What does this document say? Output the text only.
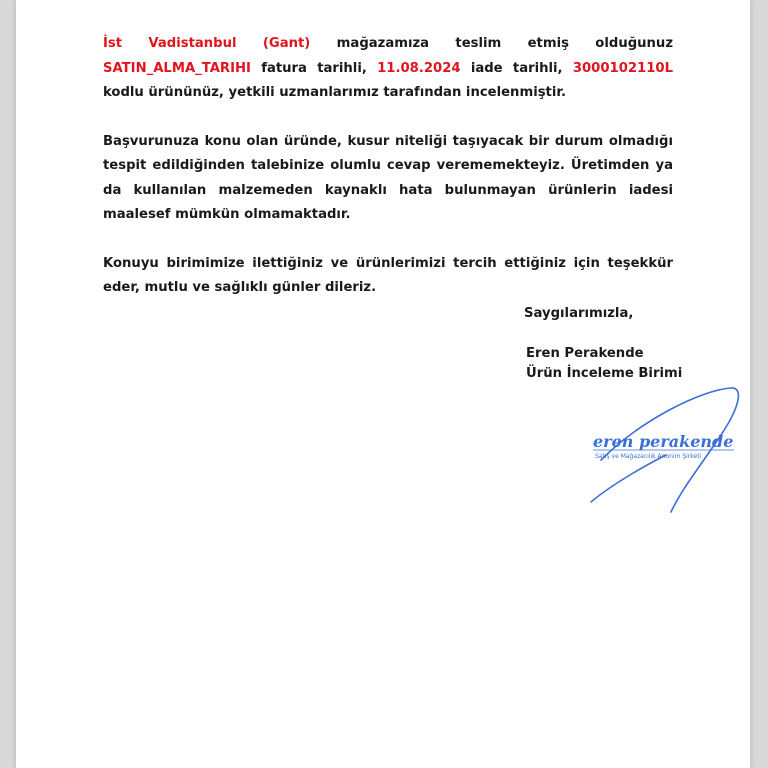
İst Vadistanbul (Gant) mağazamıza teslim etmiş olduğunuz SATIN_ALMA_TARIHI fatura tarihli, 11.08.2024 iade tarihli, 3000102110L kodlu ürününüz, yetkili uzmanlarımız tarafından incelenmiştir.

Başvurunuza konu olan üründe, kusur niteliği taşıyacak bir durum olmadığı tespit edildiğinden talebinize olumlu cevap verememekteyiz. Üretimden ya da kullanılan malzemeden kaynaklı hata bulunmayan ürünlerin iadesi maalesef mümkün olmamaktadır.

Konuyu birimimize ilettiğiniz ve ürünlerimizi tercih ettiğiniz için teşekkür eder, mutlu ve sağlıklı günler dileriz.

Saygılarımızla,
Eren Perakende
Ürün İnceleme Birimi
eren perakende
Satış ve Mağazacılık Anonim Şirketi
